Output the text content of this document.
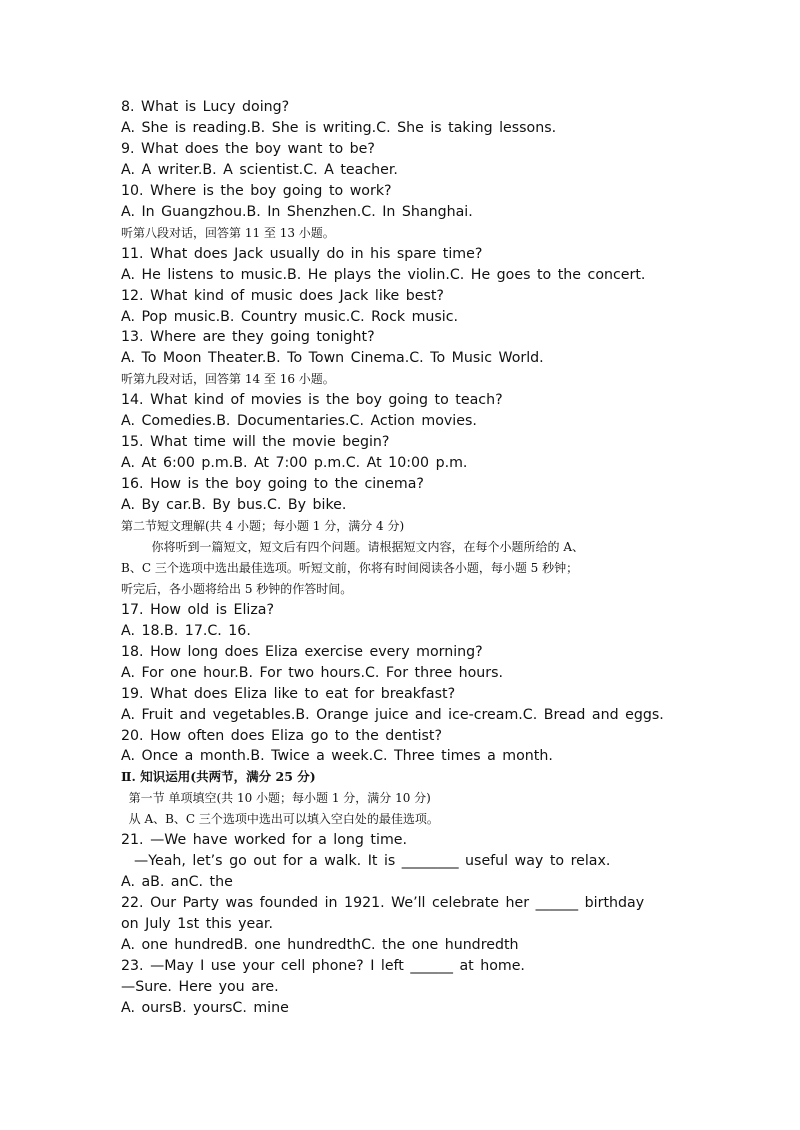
8. What is Lucy doing?
A. She is reading.B. She is writing.C. She is taking lessons.
9. What does the boy want to be?
A. A writer.B. A scientist.C. A teacher.
10. Where is the boy going to work?
A. In Guangzhou.B. In Shenzhen.C. In Shanghai.
听第八段对话，回答第 11 至 13 小题。
11. What does Jack usually do in his spare time?
A. He listens to music.B. He plays the violin.C. He goes to the concert.
12. What kind of music does Jack like best?
A. Pop music.B. Country music.C. Rock music.
13. Where are they going tonight?
A. To Moon Theater.B. To Town Cinema.C. To Music World.
听第九段对话，回答第 14 至 16 小题。
14. What kind of movies is the boy going to teach?
A. Comedies.B. Documentaries.C. Action movies.
15. What time will the movie begin?
A. At 6:00 p.m.B. At 7:00 p.m.C. At 10:00 p.m.
16. How is the boy going to the cinema?
A. By car.B. By bus.C. By bike.
第二节短文理解(共 4 小题；每小题 1 分，满分 4 分)
你将听到一篇短文，短文后有四个问题。请根据短文内容，在每个小题所给的 A、
B、C 三个选项中选出最佳选项。听短文前，你将有时间阅读各小题，每小题 5 秒钟；
听完后，各小题将给出 5 秒钟的作答时间。
17. How old is Eliza?
A. 18.B. 17.C. 16.
18. How long does Eliza exercise every morning?
A. For one hour.B. For two hours.C. For three hours.
19. What does Eliza like to eat for breakfast?
A. Fruit and vegetables.B. Orange juice and ice-cream.C. Bread and eggs.
20. How often does Eliza go to the dentist?
A. Once a month.B. Twice a week.C. Three times a month.
Ⅱ. 知识运用(共两节，满分 25 分)
第一节 单项填空(共 10 小题；每小题 1 分，满分 10 分)
从 A、B、C 三个选项中选出可以填入空白处的最佳选项。
21. —We have worked for a long time.
—Yeah, let’s go out for a walk. It is ________ useful way to relax.
A. aB. anC. the
22. Our Party was founded in 1921. We’ll celebrate her ______ birthday
on July 1st this year.
A. one hundredB. one hundredthC. the one hundredth
23. —May I use your cell phone? I left ______ at home.
—Sure. Here you are.
A. oursB. yoursC. mine
